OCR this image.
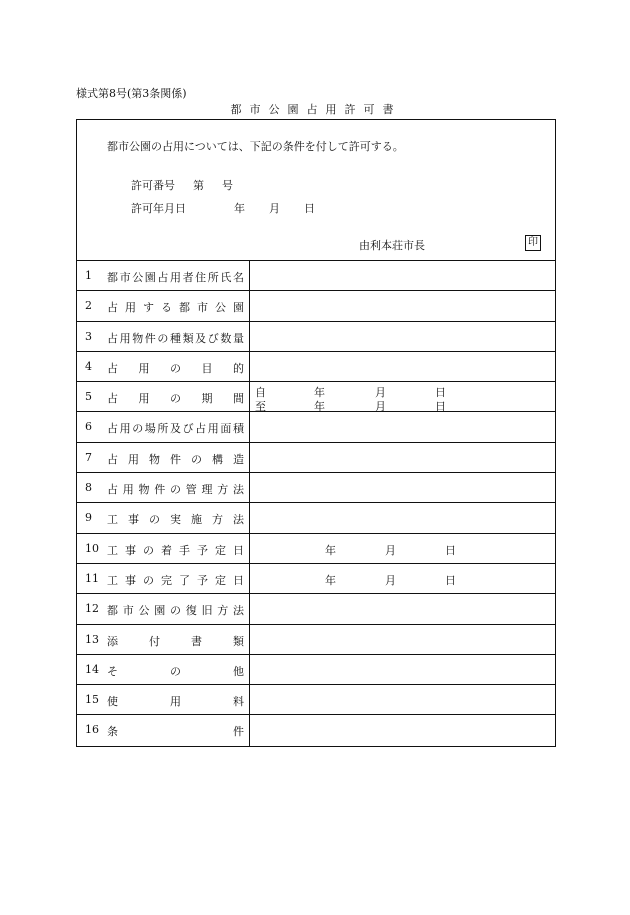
様式第8号(第3条関係)
都市公園占用許可書
都市公園の占用については、下記の条件を付して許可する。
許可番号 第 号
許可年月日	年 月 日
由利本荘市長	印
1	都 市 公 園 占 用 者 住 所 氏 名
2	占 用 す る 都 市 公 園
3	占 用 物 件 の 種 類 及 び 数 量
4	占 用 の 目 的
5	占 用 の 期 間 自	年	月	日
至	年	月	日
6	占 用 の 場 所 及 び 占 用 面 積
7	占 用 物 件 の 構 造
8	占 用 物 件 の 管 理 方 法
9	工 事 の 実 施 方 法
10 工 事 の 着 手 予 定 日	年	月	日
11 工 事 の 完 了 予 定 日	年	月	日
12 都 市 公 園 の 復 旧 方 法
13 添	付	書	類
14 そ	の	他
15 使	用	料
16 条	件
